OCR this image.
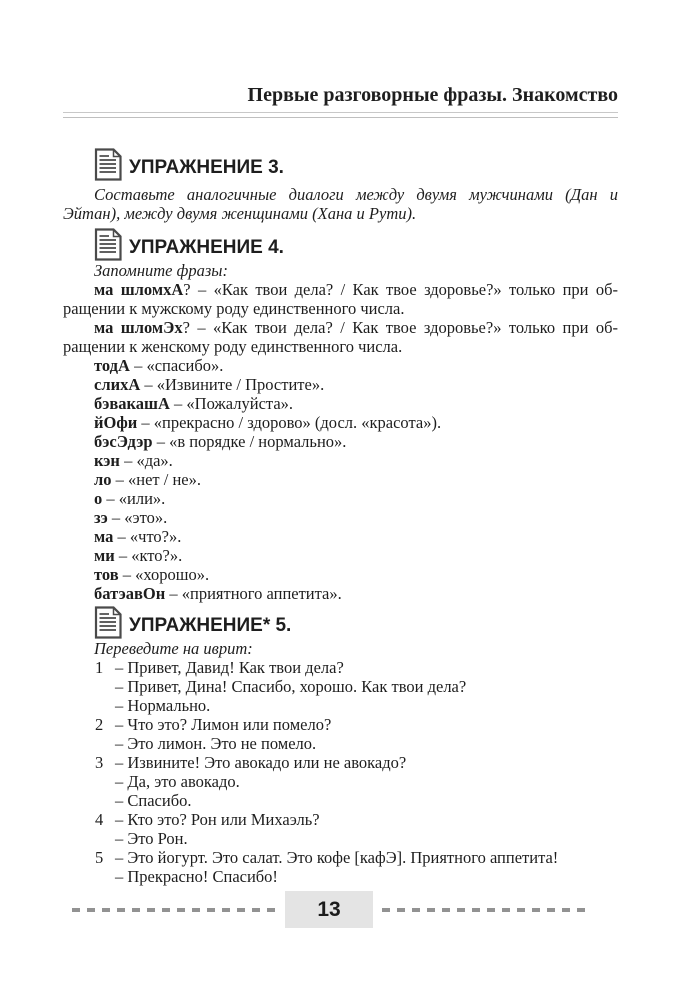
Первые разговорные фразы. Знакомство
УПРАЖНЕНИЕ 3.

Составьте аналогичные диалоги между двумя мужчинами (Дан и Эйтан), между двумя женщинами (Хана и Рути).

УПРАЖНЕНИЕ 4.

Запомните фразы:

ма шломхА? – «Как твои дела? / Как твое здоровье?» только при обращении к мужскому роду единственного числа.

ма шломЭх? – «Как твои дела? / Как твое здоровье?» только при обращении к женскому роду единственного числа.

тодА – «спасибо».

слихА – «Извините / Простите».

бэвакашА – «Пожалуйста».

йОфи – «прекрасно / здорово» (досл. «красота»).

бэсЭдэр – «в порядке / нормально».

кэн – «да».

ло – «нет / не».

о – «или».

зэ – «это».

ма – «что?».

ми – «кто?».

тов – «хорошо».

батэавОн – «приятного аппетита».

УПРАЖНЕНИЕ* 5.

Переведите на иврит:

1 – Привет, Давид! Как твои дела?
– Привет, Дина! Спасибо, хорошо. Как твои дела?
– Нормально.
2 – Что это? Лимон или помело?
– Это лимон. Это не помело.
3 – Извините! Это авокадо или не авокадо?
– Да, это авокадо.
– Спасибо.
4 – Кто это? Рон или Михаэль?
– Это Рон.
5 – Это йогурт. Это салат. Это кофе [кафЭ]. Приятного аппетита!
– Прекрасно! Спасибо!
13
